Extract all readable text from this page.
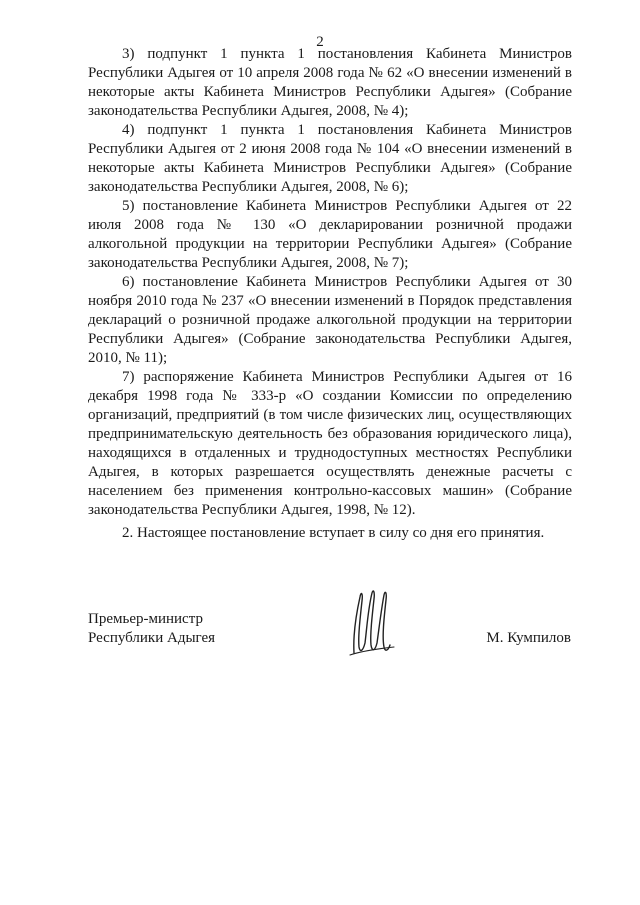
2

3) подпункт 1 пункта 1 постановления Кабинета Министров Республики Адыгея от 10 апреля 2008 года № 62 «О внесении изменений в некоторые акты Кабинета Министров Республики Адыгея» (Собрание законодательства Республики Адыгея, 2008, № 4);

4) подпункт 1 пункта 1 постановления Кабинета Министров Республики Адыгея от 2 июня 2008 года № 104 «О внесении изменений в некоторые акты Кабинета Министров Республики Адыгея» (Собрание законодательства Республики Адыгея, 2008, № 6);

5) постановление Кабинета Министров Республики Адыгея от 22 июля 2008 года № 130 «О декларировании розничной продажи алкогольной продукции на территории Республики Адыгея» (Собрание законодательства Республики Адыгея, 2008, № 7);

6) постановление Кабинета Министров Республики Адыгея от 30 ноября 2010 года № 237 «О внесении изменений в Порядок представления деклараций о розничной продаже алкогольной продукции на территории Республики Адыгея» (Собрание законодательства Республики Адыгея, 2010, № 11);

7) распоряжение Кабинета Министров Республики Адыгея от 16 декабря 1998 года № 333-р «О создании Комиссии по определению организаций, предприятий (в том числе физических лиц, осуществляющих предпринимательскую деятельность без образования юридического лица), находящихся в отдаленных и труднодоступных местностях Республики Адыгея, в которых разрешается осуществлять денежные расчеты с населением без применения контрольно-кассовых машин» (Собрание законодательства Республики Адыгея, 1998, № 12).

2. Настоящее постановление вступает в силу со дня его принятия.

Премьер-министр
Республики Адыгея	М. Кумпилов
